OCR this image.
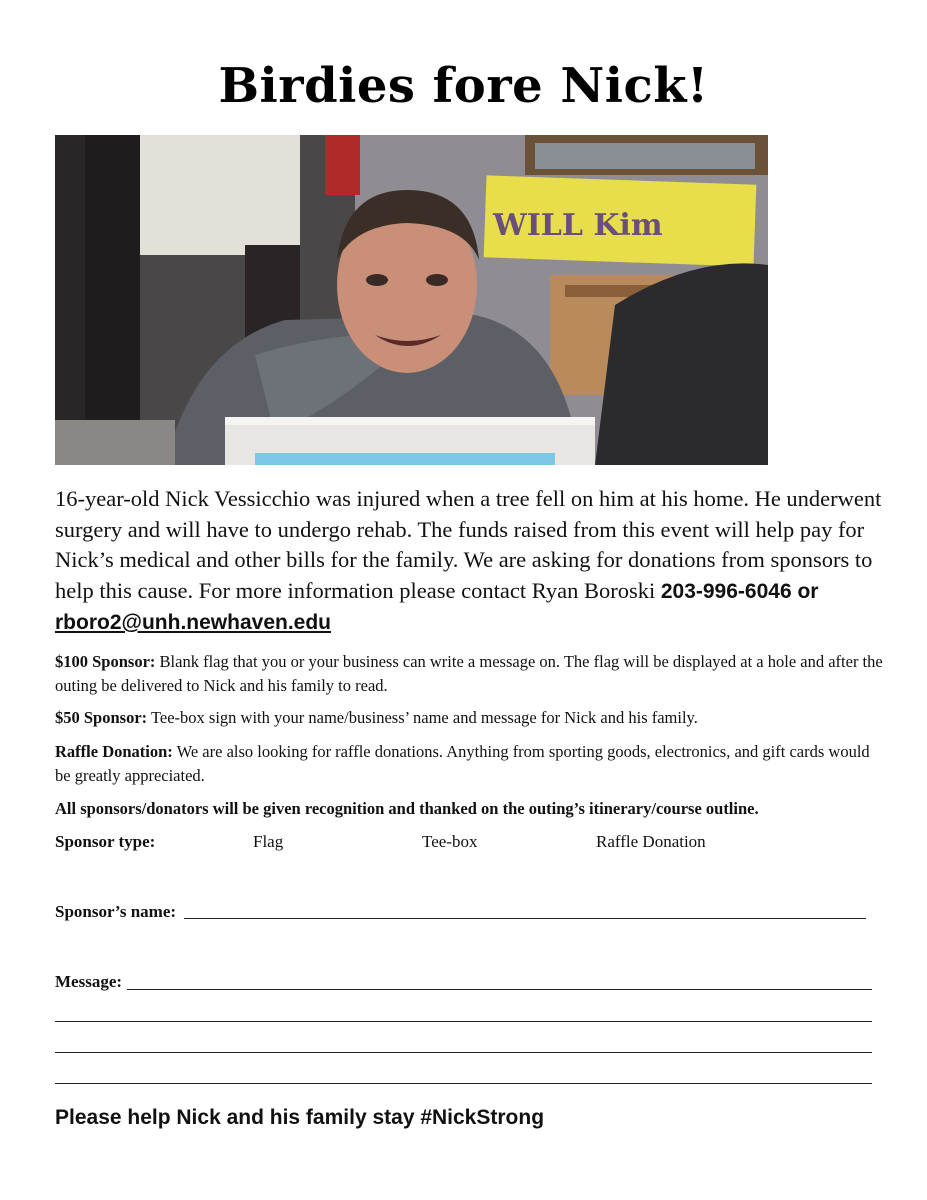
Birdies fore Nick!
WILL Kim
16-year-old Nick Vessicchio was injured when a tree fell on him at his home. He underwent surgery and will have to undergo rehab. The funds raised from this event will help pay for Nick’s medical and other bills for the family. We are asking for donations from sponsors to help this cause. For more information please contact Ryan Boroski 203-996-6046 or rboro2@unh.newhaven.edu
$100 Sponsor: Blank flag that you or your business can write a message on. The flag will be displayed at a hole and after the outing be delivered to Nick and his family to read.
$50 Sponsor: Tee-box sign with your name/business’ name and message for Nick and his family.
Raffle Donation: We are also looking for raffle donations. Anything from sporting goods, electronics, and gift cards would be greatly appreciated.
All sponsors/donators will be given recognition and thanked on the outing’s itinerary/course outline.
Sponsor type:	Flag	Tee-box	Raffle Donation
Sponsor’s name:
Message:
Please help Nick and his family stay #NickStrong
